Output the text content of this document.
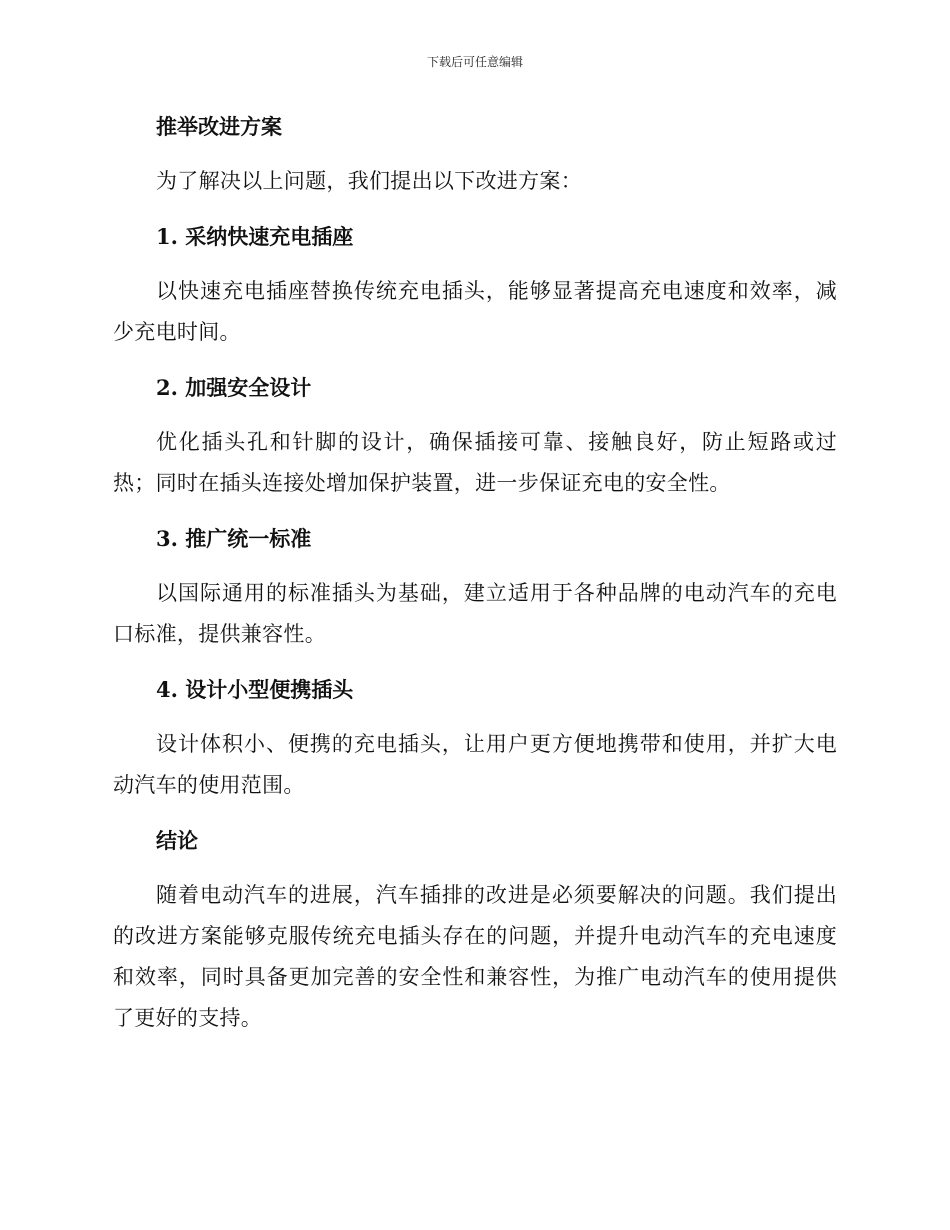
下载后可任意编辑
推举改进方案

为了解决以上问题，我们提出以下改进方案：

1. 采纳快速充电插座

以快速充电插座替换传统充电插头，能够显著提高充电速度和效率，减少充电时间。

2. 加强安全设计

优化插头孔和针脚的设计，确保插接可靠、接触良好，防止短路或过热；同时在插头连接处增加保护装置，进一步保证充电的安全性。

3. 推广统一标准

以国际通用的标准插头为基础，建立适用于各种品牌的电动汽车的充电口标准，提供兼容性。

4. 设计小型便携插头

设计体积小、便携的充电插头，让用户更方便地携带和使用，并扩大电动汽车的使用范围。

结论

随着电动汽车的进展，汽车插排的改进是必须要解决的问题。我们提出的改进方案能够克服传统充电插头存在的问题，并提升电动汽车的充电速度和效率，同时具备更加完善的安全性和兼容性，为推广电动汽车的使用提供了更好的支持。
